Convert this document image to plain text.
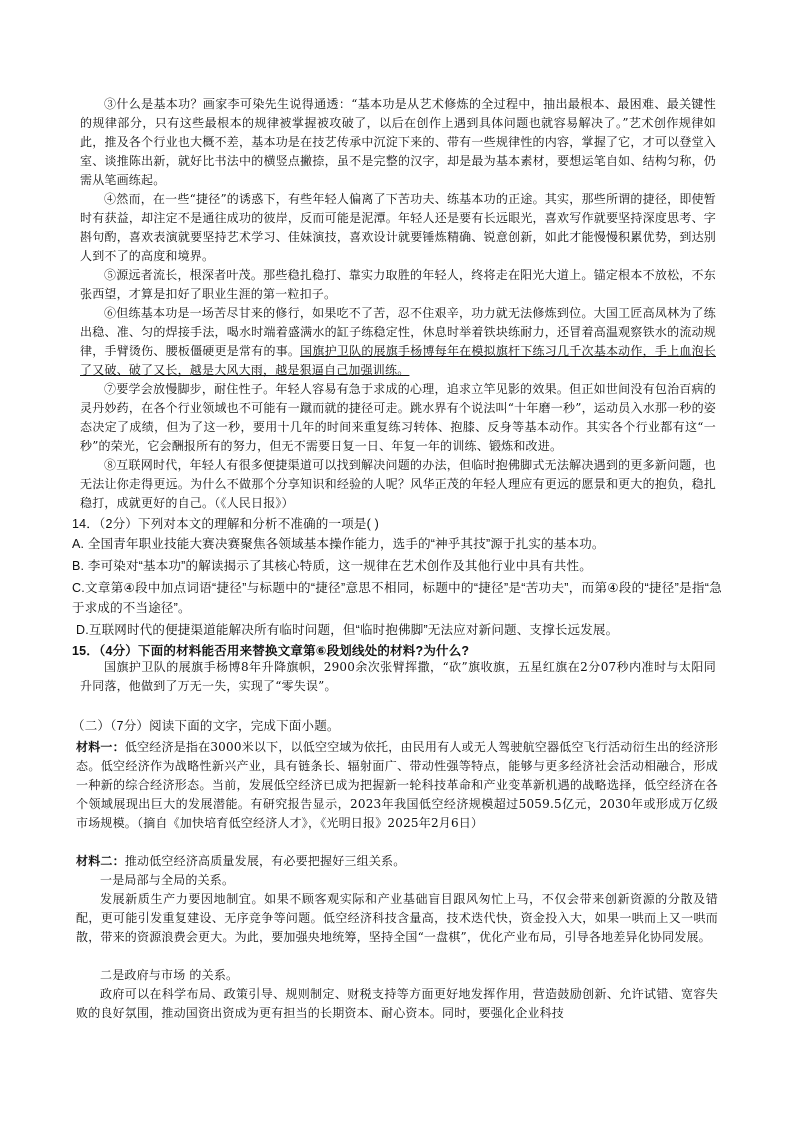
③什么是基本功？画家李可染先生说得通透：“基本功是从艺术修炼的全过程中，抽出最根本、最困难、最关键性的规律部分，只有这些最根本的规律被掌握被攻破了，以后在创作上遇到具体问题也就容易解决了。”艺术创作规律如此，推及各个行业也大概不差，基本功是在技艺传承中沉淀下来的、带有一些规律性的内容，掌握了它，才可以登堂入室、谈推陈出新，就好比书法中的横竖点撇捺，虽不是完整的汉字，却是最为基本素材，要想运笔自如、结构匀称，仍需从笔画练起。

④然而，在一些“捷径”的诱惑下，有些年轻人偏离了下苦功夫、练基本功的正途。其实，那些所谓的捷径，即使暂时有获益，却注定不是通往成功的彼岸，反而可能是泥潭。年轻人还是要有长远眼光，喜欢写作就要坚持深度思考、字斟句酌，喜欢表演就要坚持艺术学习、佳妹演技，喜欢设计就要锤炼精确、锐意创新，如此才能慢慢积累优势，到达别人到不了的高度和境界。

⑤源远者流长，根深者叶茂。那些稳扎稳打、靠实力取胜的年轻人，终将走在阳光大道上。锚定根本不放松，不东张西望，才算是扣好了职业生涯的第一粒扣子。

⑥但练基本功是一场苦尽甘来的修行，如果吃不了苦，忍不住艰辛，功力就无法修炼到位。大国工匠高凤林为了练出稳、准、匀的焊接手法，喝水时端着盛满水的缸子练稳定性，休息时举着铁块练耐力，还冒着高温观察铁水的流动规律，手臂烫伤、腰板僵硬更是常有的事。国旗护卫队的展旗手杨博每年在模拟旗杆下练习几千次基本动作，手上血泡长了又破、破了又长，越是大风大雨，越是狠逼自己加强训练。

⑦要学会放慢脚步，耐住性子。年轻人容易有急于求成的心理，追求立竿见影的效果。但正如世间没有包治百病的灵丹妙药，在各个行业领域也不可能有一蹴而就的捷径可走。跳水界有个说法叫“十年磨一秒”，运动员入水那一秒的姿态决定了成绩，但为了这一秒，要用十几年的时间来重复练习转体、抱膝、反身等基本动作。其实各个行业都有这“一秒”的荣光，它会酬报所有的努力，但无不需要日复一日、年复一年的训练、锻炼和改进。

⑧互联网时代，年轻人有很多便捷渠道可以找到解决问题的办法，但临时抱佛脚式无法解决遇到的更多新问题，也无法让你走得更远。为什么不做那个分享知识和经验的人呢？风华正茂的年轻人理应有更远的愿景和更大的抱负，稳扎稳打，成就更好的自己。（《人民日报》）

14．（2分）下列对本文的理解和分析不准确的一项是( )

A. 全国青年职业技能大赛决赛聚焦各领域基本操作能力，选手的“神乎其技”源于扎实的基本功。

B. 李可染对“基本功”的解读揭示了其核心特质，这一规律在艺术创作及其他行业中具有共性。

C.文章第④段中加点词语“捷径”与标题中的“捷径”意思不相同，标题中的“捷径”是“苦功夫”，而第④段的“捷径”是指“急于求成的不当途径”。

D.互联网时代的便捷渠道能解决所有临时问题，但“临时抱佛脚”无法应对新问题、支撑长远发展。

15．（4分）下面的材料能否用来替换文章第⑥段划线处的材料?为什么?

国旗护卫队的展旗手杨博8年升降旗帜，2900余次张臂挥撒，“砍”旗收旗，五星红旗在2分07秒内准时与太阳同升同落，他做到了万无一失，实现了“零失误”。

（二）（7分）阅读下面的文字，完成下面小题。

材料一：低空经济是指在3000米以下，以低空空域为依托，由民用有人或无人驾驶航空器低空飞行活动衍生出的经济形态。低空经济作为战略性新兴产业，具有链条长、辐射面广、带动性强等特点，能够与更多经济社会活动相融合，形成一种新的综合经济形态。当前，发展低空经济已成为把握新一轮科技革命和产业变革新机遇的战略选择，低空经济在各个领域展现出巨大的发展潜能。有研究报告显示，2023年我国低空经济规模超过5059.5亿元，2030年或形成万亿级市场规模。（摘自《加快培育低空经济人才》，《光明日报》2025年2月6日）

材料二：推动低空经济高质量发展，有必要把握好三组关系。

一是局部与全局的关系。

发展新质生产力要因地制宜。如果不顾客观实际和产业基础盲目跟风匆忙上马，不仅会带来创新资源的分散及错配，更可能引发重复建设、无序竞争等问题。低空经济科技含量高，技术迭代快，资金投入大，如果一哄而上又一哄而散，带来的资源浪费会更大。为此，要加强央地统筹，坚持全国“一盘棋”，优化产业布局，引导各地差异化协同发展。

二是政府与市场 的关系。

政府可以在科学布局、政策引导、规则制定、财税支持等方面更好地发挥作用，营造鼓励创新、允许试错、宽容失败的良好氛围，推动国资出资成为更有担当的长期资本、耐心资本。同时，要强化企业科技
